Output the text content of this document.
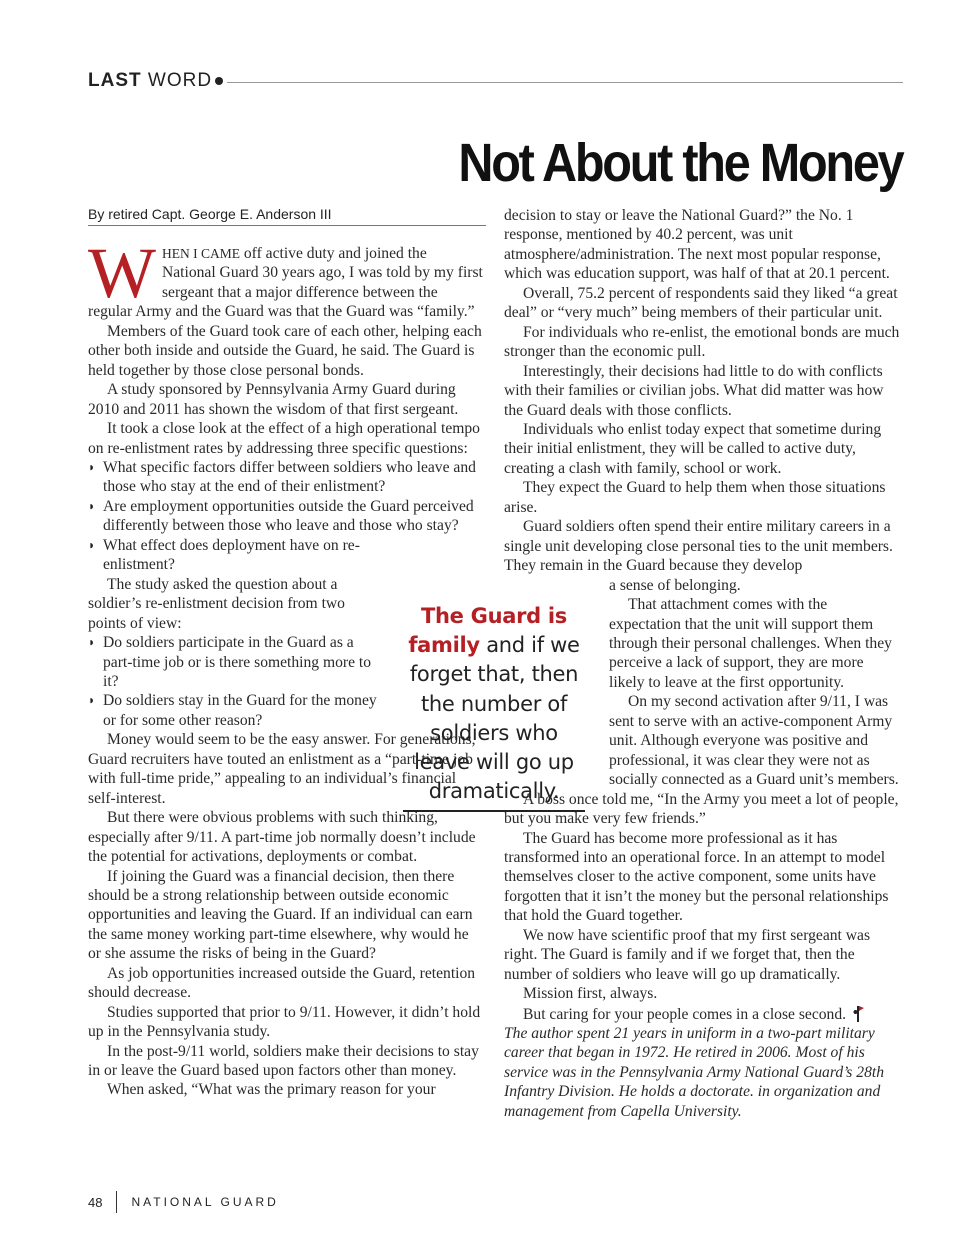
LAST WORD
Not About the Money
By retired Capt. George E. Anderson III

WHEN I CAME off active duty and joined the National Guard 30 years ago, I was told by my first sergeant that a major difference between the regular Army and the Guard was that the Guard was “family.”

Members of the Guard took care of each other, helping each other both inside and outside the Guard, he said. The Guard is held together by those close personal bonds.

A study sponsored by Pennsylvania Army Guard during 2010 and 2011 has shown the wisdom of that first sergeant.

It took a close look at the effect of a high operational tempo on re-enlistment rates by addressing three specific questions:

◗ What specific factors differ between soldiers who leave and those who stay at the end of their enlistment?
◗ Are employment opportunities outside the Guard perceived differently between those who leave and those who stay?
◗ What effect does deployment have on re-enlistment?

The study asked the question about a soldier’s re-enlistment decision from two points of view:

◗ Do soldiers participate in the Guard as a part-time job or is there something more to it?
◗ Do soldiers stay in the Guard for the money or for some other reason?

Money would seem to be the easy answer. For generations, Guard recruiters have touted an enlistment as a “part-time job with full-time pride,” appealing to an individual’s financial self-interest.

But there were obvious problems with such thinking, especially after 9/11. A part-time job normally doesn’t include the potential for activations, deployments or combat.

If joining the Guard was a financial decision, then there should be a strong relationship between outside economic opportunities and leaving the Guard. If an individual can earn the same money working part-time elsewhere, why would he or she assume the risks of being in the Guard?

As job opportunities increased outside the Guard, retention should decrease.

Studies supported that prior to 9/11. However, it didn’t hold up in the Pennsylvania study.

In the post-9/11 world, soldiers make their decisions to stay in or leave the Guard based upon factors other than money.

When asked, “What was the primary reason for your

The Guard is family and if we forget that, then the number of soldiers who leave will go up dramatically.

decision to stay or leave the National Guard?” the No. 1 response, mentioned by 40.2 percent, was unit atmosphere/administration. The next most popular response, which was education support, was half of that at 20.1 percent.

Overall, 75.2 percent of respondents said they liked “a great deal” or “very much” being members of their particular unit.

For individuals who re-enlist, the emotional bonds are much stronger than the economic pull.

Interestingly, their decisions had little to do with conflicts with their families or civilian jobs. What did matter was how the Guard deals with those conflicts.

Individuals who enlist today expect that sometime during their initial enlistment, they will be called to active duty, creating a clash with family, school or work.

They expect the Guard to help them when those situations arise.

Guard soldiers often spend their entire military careers in a single unit developing close personal ties to the unit members. They remain in the Guard because they develop

a sense of belonging.

That attachment comes with the expectation that the unit will support them through their personal challenges. When they perceive a lack of support, they are more likely to leave at the first opportunity.

On my second activation after 9/11, I was sent to serve with an active-component Army unit. Although everyone was positive and professional, it was clear they were not as socially connected as a Guard unit’s members.

A boss once told me, “In the Army you meet a lot of people, but you make very few friends.”

The Guard has become more professional as it has transformed into an operational force. In an attempt to model themselves closer to the active component, some units have forgotten that it isn’t the money but the personal relationships that hold the Guard together.

We now have scientific proof that my first sergeant was right. The Guard is family and if we forget that, then the number of soldiers who leave will go up dramatically.

Mission first, always.

But caring for your people comes in a close second.

The author spent 21 years in uniform in a two-part military career that began in 1972. He retired in 2006. Most of his service was in the Pennsylvania Army National Guard’s 28th Infantry Division. He holds a doctorate. in organization and management from Capella University.

48 NATIONAL GUARD
